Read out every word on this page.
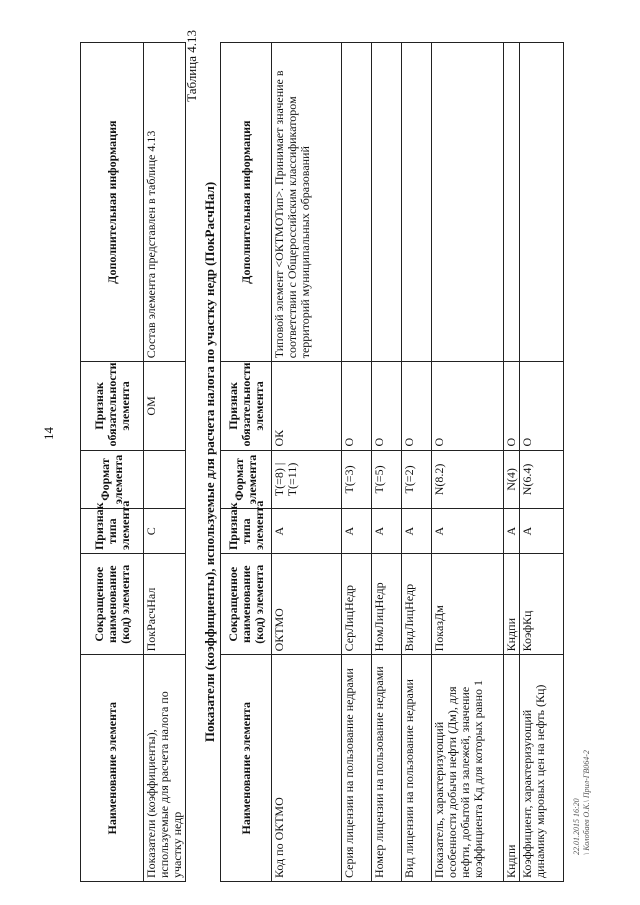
14
Наименование элемента	Сокращенное наименование (код) элемента	Признак типа элемента	Формат элемента	Признак обязательности элемента	Дополнительная информация
Показатели (коэффициенты), используемые для расчета налога по участку недр	ПокРасчНал	С		ОМ	Состав элемента представлен в таблице 4.13
Таблица 4.13
Показатели (коэффициенты), используемые для расчета налога по участку недр (ПокРасчНал)
Наименование элемента	Сокращенное наименование (код) элемента	Признак типа элемента	Формат элемента	Признак обязательности элемента	Дополнительная информация
Код по ОКТМО	ОКТМО	А	T(=8) | T(=11)	ОК	Типовой элемент <ОКТМОТип>. Принимает значение в соответствии с Общероссийским классификатором территорий муниципальных образований
Серия лицензии на пользование недрами	СерЛицНедр	А	T(=3)	О	
Номер лицензии на пользование недрами	НомЛицНедр	А	T(=5)	О	
Вид лицензии на пользование недрами	ВидЛицНедр	А	T(=2)	О	
Показатель, характеризующий особенности добычи нефти (Дм), для нефти, добытой из залежей, значение коэффициента Кд для которых равно 1	ПоказДм	А	N(8.2)	О	
Кндпи	Кндпи	А	N(4)	О	
Коэффициент, характеризующий динамику мировых цен на нефть (Кц)	КоэфКц	А	N(6.4)	О	
22.01.2015 16:20 \ Колобаев О.К.\ Прил-ГВ064-2
